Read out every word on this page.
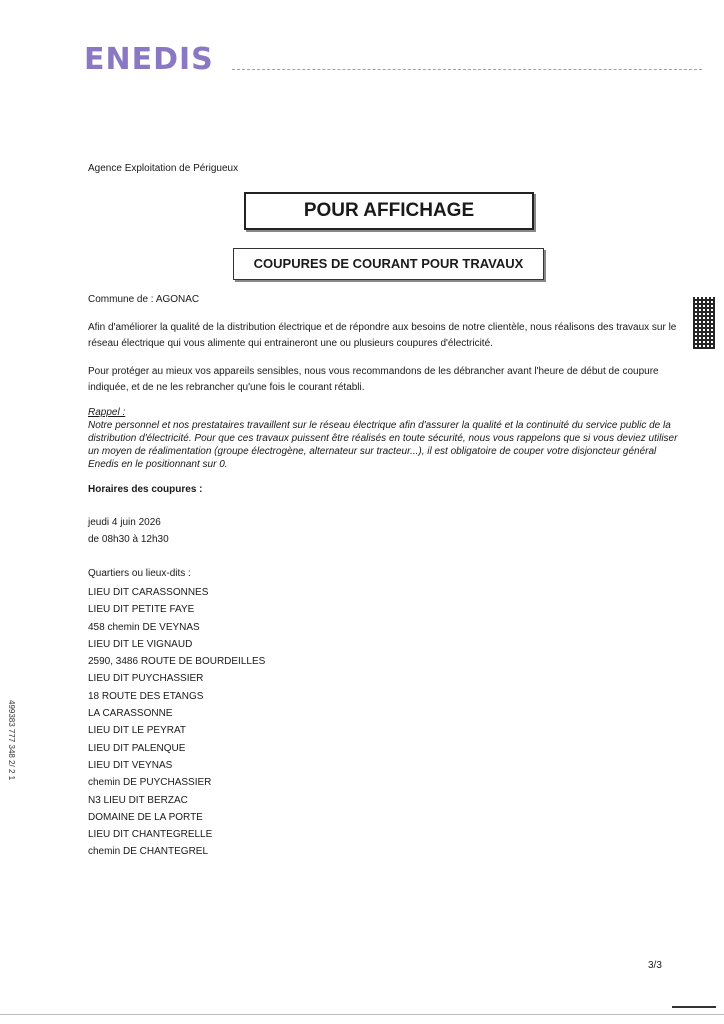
ENEDIS
Agence Exploitation de Périgueux
POUR AFFICHAGE
COUPURES DE COURANT POUR TRAVAUX
Commune de : AGONAC
Afin d'améliorer la qualité de la distribution électrique et de répondre aux besoins de notre clientèle, nous réalisons des travaux sur le réseau électrique qui vous alimente qui entraineront une ou plusieurs coupures d'électricité.
Pour protéger au mieux vos appareils sensibles, nous vous recommandons de les débrancher avant l'heure de début de coupure indiquée, et de ne les rebrancher qu'une fois le courant rétabli.
Rappel :
Notre personnel et nos prestataires travaillent sur le réseau électrique afin d'assurer la qualité et la continuité du service public de la distribution d'électricité. Pour que ces travaux puissent être réalisés en toute sécurité, nous vous rappelons que si vous deviez utiliser un moyen de réalimentation (groupe électrogène, alternateur sur tracteur...), il est obligatoire de couper votre disjoncteur général Enedis en le positionnant sur 0.
Horaires des coupures :
jeudi 4 juin 2026
de 08h30 à 12h30
Quartiers ou lieux-dits :
LIEU DIT CARASSONNES
LIEU DIT PETITE FAYE
458 chemin DE VEYNAS
LIEU DIT LE VIGNAUD
2590, 3486 ROUTE DE BOURDEILLES
LIEU DIT PUYCHASSIER
18 ROUTE DES ETANGS
LA CARASSONNE
LIEU DIT LE PEYRAT
LIEU DIT PALENQUE
LIEU DIT VEYNAS
chemin DE PUYCHASSIER
N3 LIEU DIT BERZAC
DOMAINE DE LA PORTE
LIEU DIT CHANTEGRELLE
chemin DE CHANTEGREL
499383 777 348 2/ 2 1
3/3
